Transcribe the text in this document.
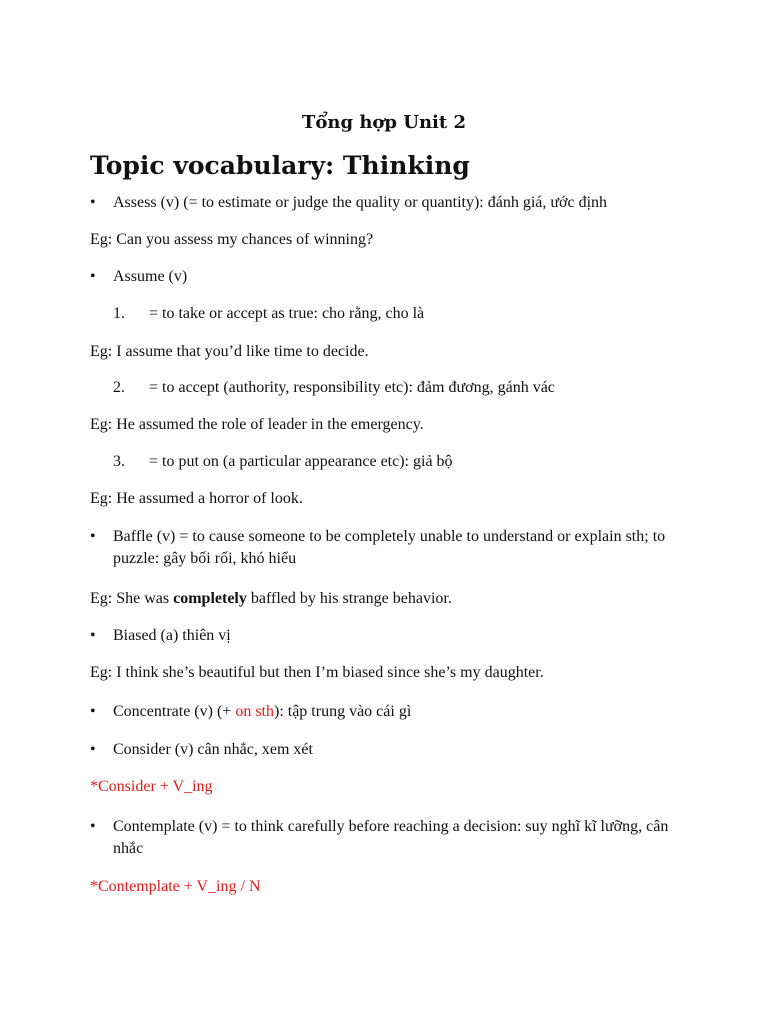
Tổng hợp Unit 2
Topic vocabulary: Thinking
•	Assess (v) (= to estimate or judge the quality or quantity): đánh giá, ước định
Eg: Can you assess my chances of winning?
•	Assume (v)
1. = to take or accept as true: cho rằng, cho là
Eg: I assume that you’d like time to decide.
2. = to accept (authority, responsibility etc): đảm đương, gánh vác
Eg: He assumed the role of leader in the emergency.
3. = to put on (a particular appearance etc): giả bộ
Eg: He assumed a horror of look.
•	Baffle (v) = to cause someone to be completely unable to understand or explain sth; to puzzle: gây bối rối, khó hiểu
Eg: She was completely baffled by his strange behavior.
•	Biased (a) thiên vị
Eg: I think she’s beautiful but then I’m biased since she’s my daughter.
•	Concentrate (v) (+ on sth): tập trung vào cái gì
•	Consider (v) cân nhắc, xem xét
*Consider + V_ing
•	Contemplate (v) = to think carefully before reaching a decision: suy nghĩ kĩ lưỡng, cân nhắc
*Contemplate + V_ing / N
